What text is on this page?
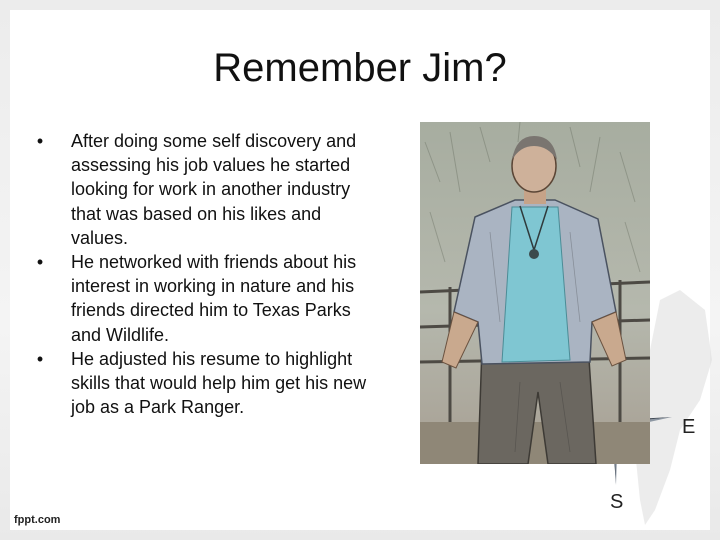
E
S
Remember Jim?
•	After doing some self discovery and assessing his job values he started looking for work in another industry that was based on his likes and values.
•	He networked with friends about his interest in working in nature and his friends directed him to Texas Parks and Wildlife.
•	He adjusted his resume to highlight skills that would help him get his new job as a Park Ranger.
fppt.com
